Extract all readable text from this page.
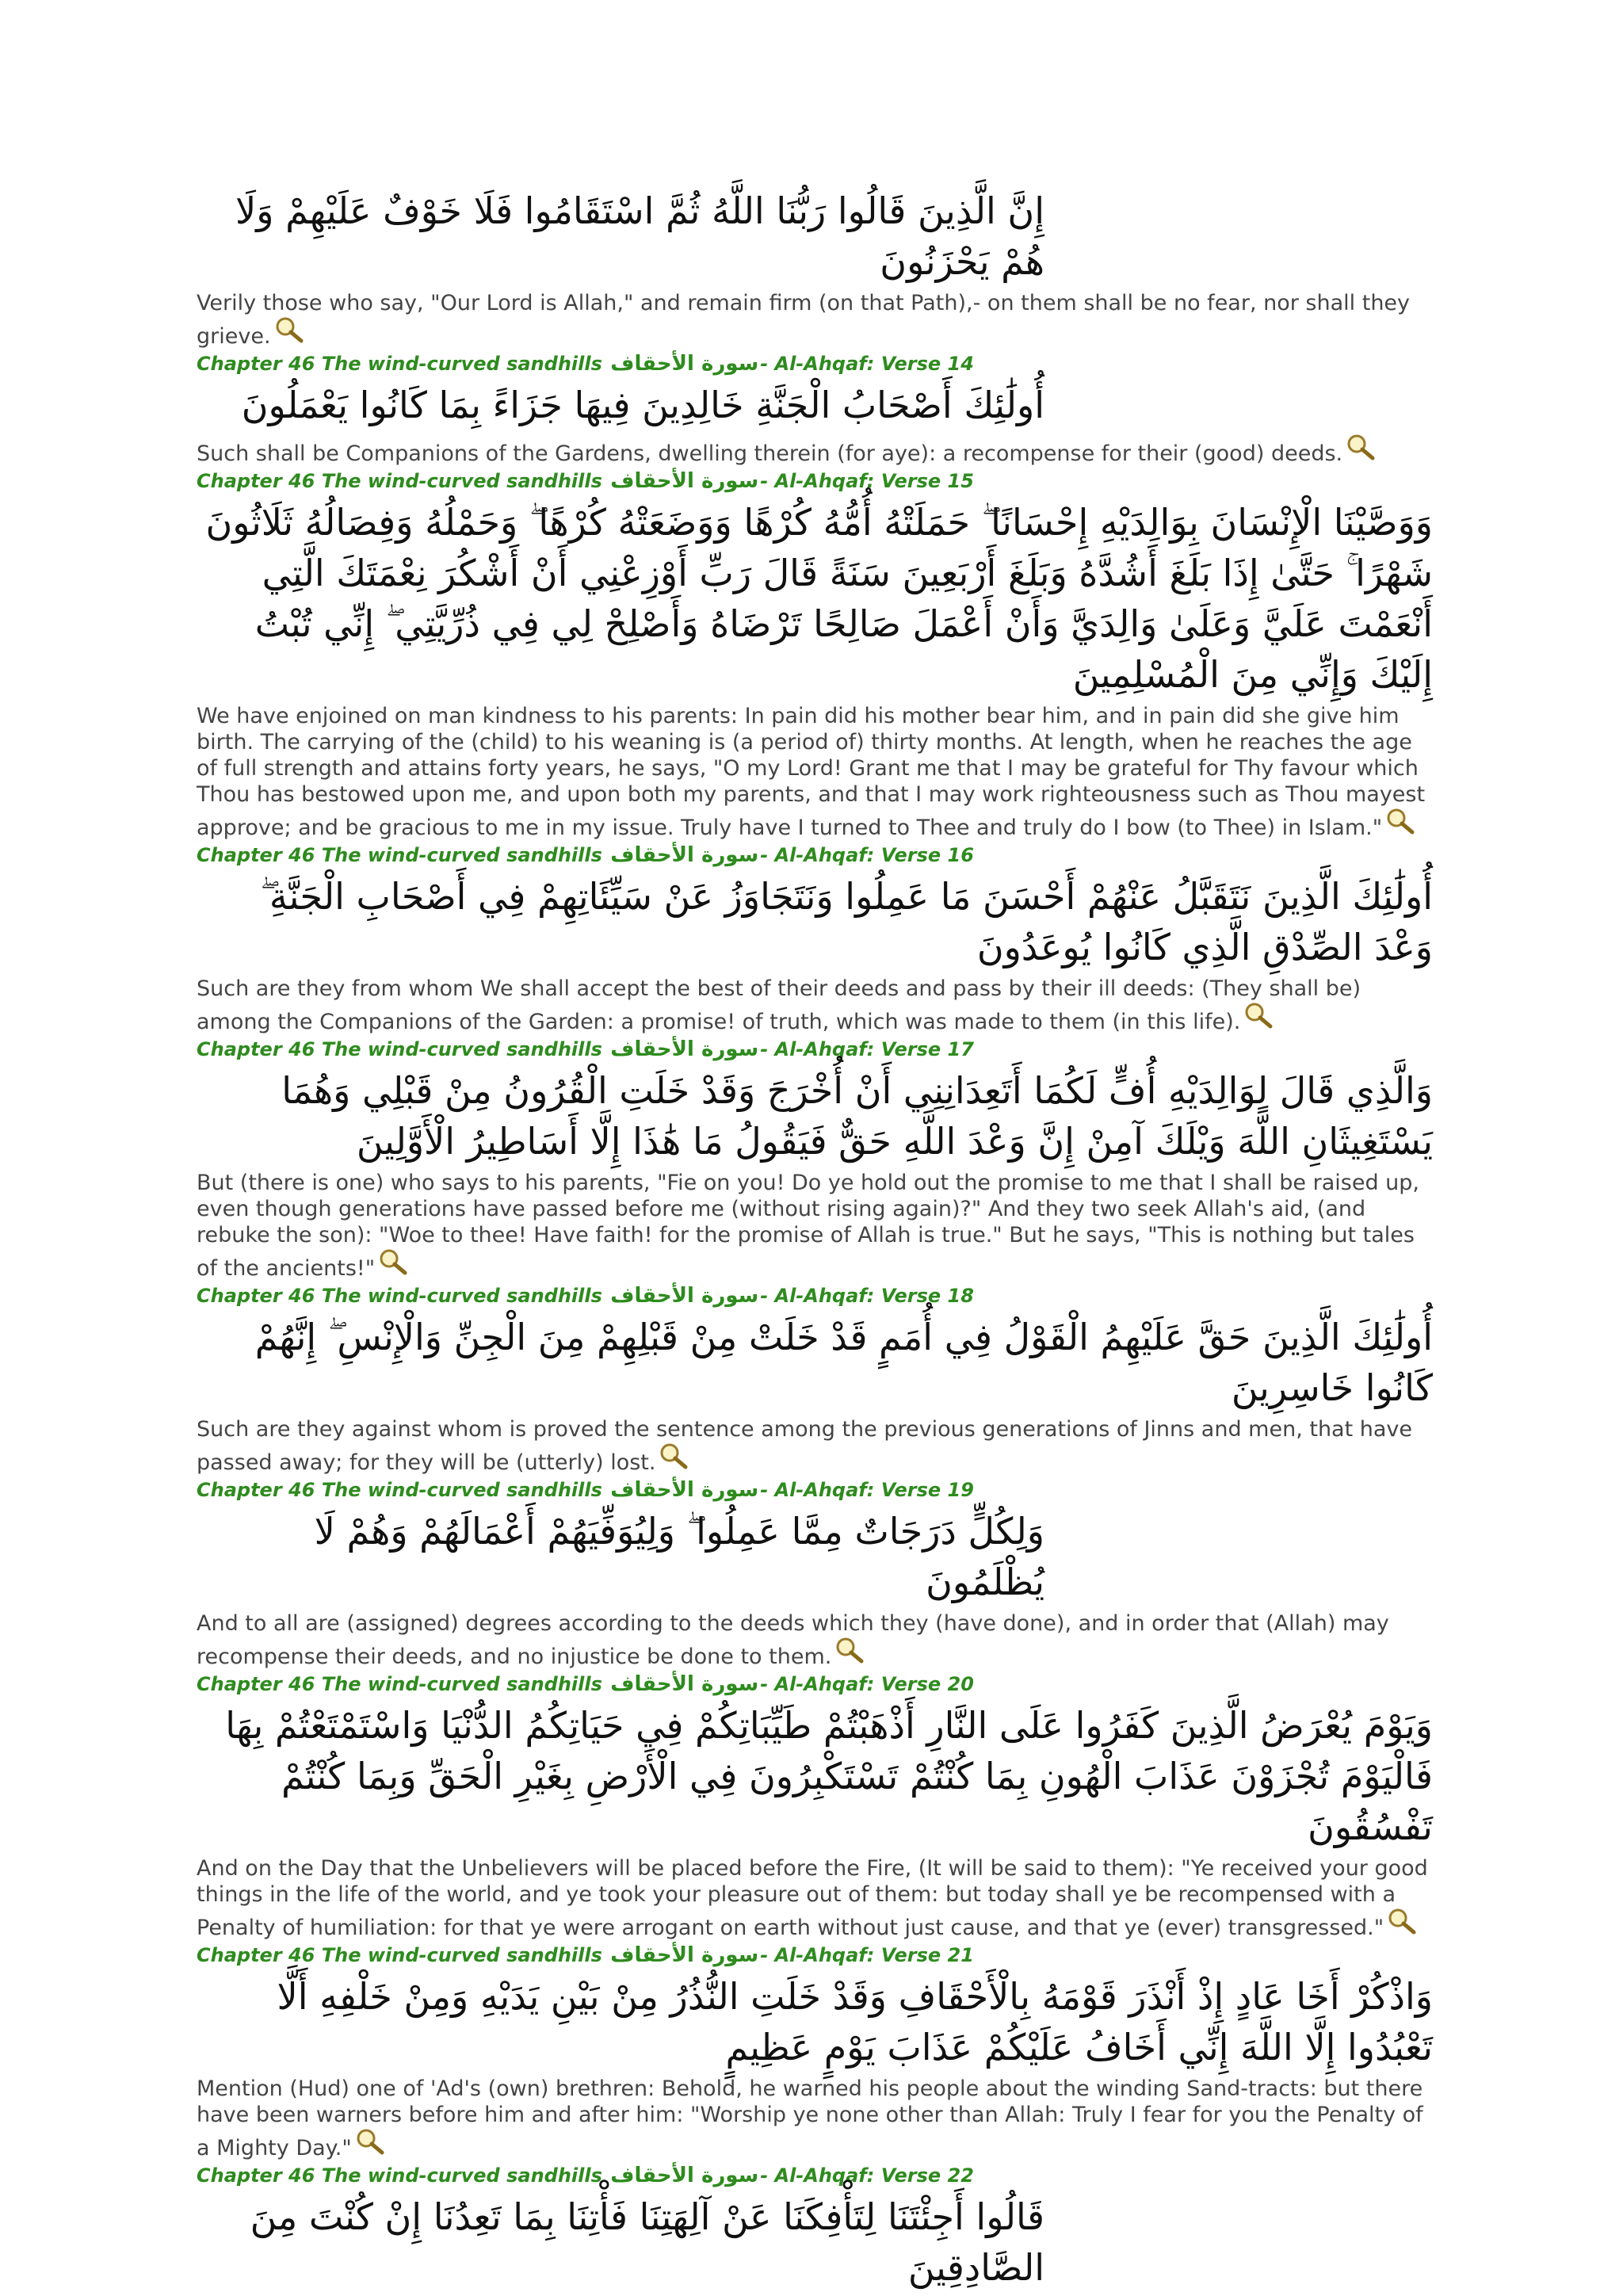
إِنَّ الَّذِينَ قَالُوا رَبُّنَا اللَّهُ ثُمَّ اسْتَقَامُوا فَلَا خَوْفٌ عَلَيْهِمْ وَلَا هُمْ يَحْزَنُونَ
Verily those who say, "Our Lord is Allah," and remain firm (on that Path),- on them shall be no fear, nor shall they grieve.
Chapter 46 The wind-curved sandhills سورة الأحقاف- Al-Ahqaf: Verse 14
أُولَٰئِكَ أَصْحَابُ الْجَنَّةِ خَالِدِينَ فِيهَا جَزَاءً بِمَا كَانُوا يَعْمَلُونَ
Such shall be Companions of the Gardens, dwelling therein (for aye): a recompense for their (good) deeds.
Chapter 46 The wind-curved sandhills سورة الأحقاف- Al-Ahqaf: Verse 15
وَوَصَّيْنَا الْإِنْسَانَ بِوَالِدَيْهِ إِحْسَانًا ۖ حَمَلَتْهُ أُمُّهُ كُرْهًا وَوَضَعَتْهُ كُرْهًا ۖ وَحَمْلُهُ وَفِصَالُهُ ثَلَاثُونَ شَهْرًا ۚ حَتَّىٰ إِذَا بَلَغَ أَشُدَّهُ وَبَلَغَ أَرْبَعِينَ سَنَةً قَالَ رَبِّ أَوْزِعْنِي أَنْ أَشْكُرَ نِعْمَتَكَ الَّتِي أَنْعَمْتَ عَلَيَّ وَعَلَىٰ وَالِدَيَّ وَأَنْ أَعْمَلَ صَالِحًا تَرْضَاهُ وَأَصْلِحْ لِي فِي ذُرِّيَّتِي ۖ إِنِّي تُبْتُ إِلَيْكَ وَإِنِّي مِنَ الْمُسْلِمِينَ
We have enjoined on man kindness to his parents: In pain did his mother bear him, and in pain did she give him birth. The carrying of the (child) to his weaning is (a period of) thirty months. At length, when he reaches the age of full strength and attains forty years, he says, "O my Lord! Grant me that I may be grateful for Thy favour which Thou has bestowed upon me, and upon both my parents, and that I may work righteousness such as Thou mayest approve; and be gracious to me in my issue. Truly have I turned to Thee and truly do I bow (to Thee) in Islam."
Chapter 46 The wind-curved sandhills سورة الأحقاف- Al-Ahqaf: Verse 16
أُولَٰئِكَ الَّذِينَ نَتَقَبَّلُ عَنْهُمْ أَحْسَنَ مَا عَمِلُوا وَنَتَجَاوَزُ عَنْ سَيِّئَاتِهِمْ فِي أَصْحَابِ الْجَنَّةِ ۖ وَعْدَ الصِّدْقِ الَّذِي كَانُوا يُوعَدُونَ
Such are they from whom We shall accept the best of their deeds and pass by their ill deeds: (They shall be) among the Companions of the Garden: a promise! of truth, which was made to them (in this life).
Chapter 46 The wind-curved sandhills سورة الأحقاف- Al-Ahqaf: Verse 17
وَالَّذِي قَالَ لِوَالِدَيْهِ أُفٍّ لَكُمَا أَتَعِدَانِنِي أَنْ أُخْرَجَ وَقَدْ خَلَتِ الْقُرُونُ مِنْ قَبْلِي وَهُمَا يَسْتَغِيثَانِ اللَّهَ وَيْلَكَ آمِنْ إِنَّ وَعْدَ اللَّهِ حَقٌّ فَيَقُولُ مَا هَٰذَا إِلَّا أَسَاطِيرُ الْأَوَّلِينَ
But (there is one) who says to his parents, "Fie on you! Do ye hold out the promise to me that I shall be raised up, even though generations have passed before me (without rising again)?" And they two seek Allah's aid, (and rebuke the son): "Woe to thee! Have faith! for the promise of Allah is true." But he says, "This is nothing but tales of the ancients!"
Chapter 46 The wind-curved sandhills سورة الأحقاف- Al-Ahqaf: Verse 18
أُولَٰئِكَ الَّذِينَ حَقَّ عَلَيْهِمُ الْقَوْلُ فِي أُمَمٍ قَدْ خَلَتْ مِنْ قَبْلِهِمْ مِنَ الْجِنِّ وَالْإِنْسِ ۖ إِنَّهُمْ كَانُوا خَاسِرِينَ
Such are they against whom is proved the sentence among the previous generations of Jinns and men, that have passed away; for they will be (utterly) lost.
Chapter 46 The wind-curved sandhills سورة الأحقاف- Al-Ahqaf: Verse 19
وَلِكُلٍّ دَرَجَاتٌ مِمَّا عَمِلُوا ۖ وَلِيُوَفِّيَهُمْ أَعْمَالَهُمْ وَهُمْ لَا يُظْلَمُونَ
And to all are (assigned) degrees according to the deeds which they (have done), and in order that (Allah) may recompense their deeds, and no injustice be done to them.
Chapter 46 The wind-curved sandhills سورة الأحقاف- Al-Ahqaf: Verse 20
وَيَوْمَ يُعْرَضُ الَّذِينَ كَفَرُوا عَلَى النَّارِ أَذْهَبْتُمْ طَيِّبَاتِكُمْ فِي حَيَاتِكُمُ الدُّنْيَا وَاسْتَمْتَعْتُمْ بِهَا فَالْيَوْمَ تُجْزَوْنَ عَذَابَ الْهُونِ بِمَا كُنْتُمْ تَسْتَكْبِرُونَ فِي الْأَرْضِ بِغَيْرِ الْحَقِّ وَبِمَا كُنْتُمْ تَفْسُقُونَ
And on the Day that the Unbelievers will be placed before the Fire, (It will be said to them): "Ye received your good things in the life of the world, and ye took your pleasure out of them: but today shall ye be recompensed with a Penalty of humiliation: for that ye were arrogant on earth without just cause, and that ye (ever) transgressed."
Chapter 46 The wind-curved sandhills سورة الأحقاف- Al-Ahqaf: Verse 21
وَاذْكُرْ أَخَا عَادٍ إِذْ أَنْذَرَ قَوْمَهُ بِالْأَحْقَافِ وَقَدْ خَلَتِ النُّذُرُ مِنْ بَيْنِ يَدَيْهِ وَمِنْ خَلْفِهِ أَلَّا تَعْبُدُوا إِلَّا اللَّهَ إِنِّي أَخَافُ عَلَيْكُمْ عَذَابَ يَوْمٍ عَظِيمٍ
Mention (Hud) one of 'Ad's (own) brethren: Behold, he warned his people about the winding Sand-tracts: but there have been warners before him and after him: "Worship ye none other than Allah: Truly I fear for you the Penalty of a Mighty Day."
Chapter 46 The wind-curved sandhills سورة الأحقاف- Al-Ahqaf: Verse 22
قَالُوا أَجِئْتَنَا لِتَأْفِكَنَا عَنْ آلِهَتِنَا فَأْتِنَا بِمَا تَعِدُنَا إِنْ كُنْتَ مِنَ الصَّادِقِينَ
